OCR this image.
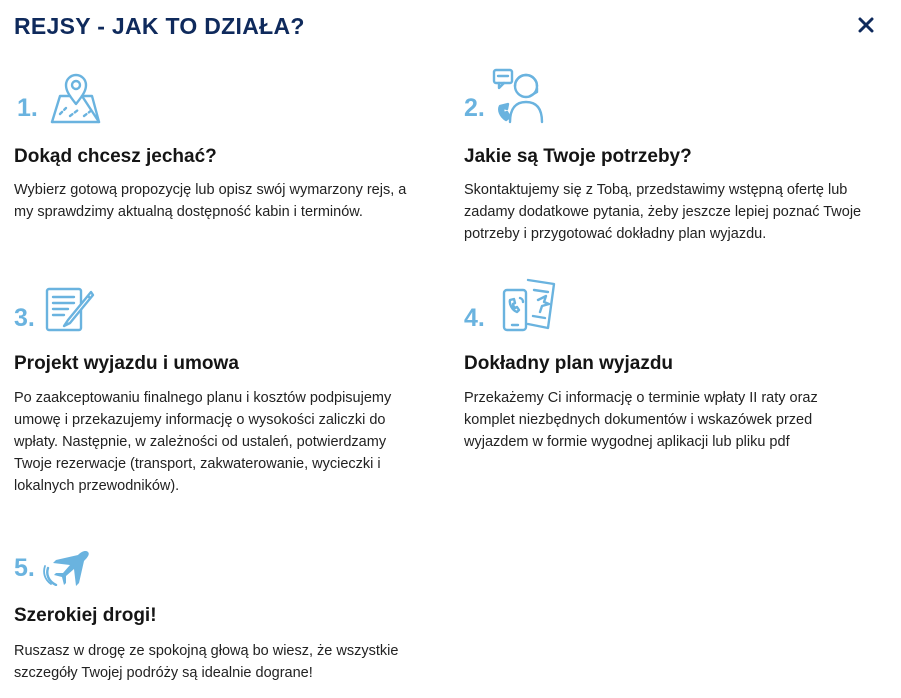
REJSY - JAK TO DZIAŁA?
1.
Dokąd chcesz jechać?
Wybierz gotową propozycję lub opisz swój wymarzony rejs, a
my sprawdzimy aktualną dostępność kabin i terminów.
2.
Jakie są Twoje potrzeby?
Skontaktujemy się z Tobą, przedstawimy wstępną ofertę lub
zadamy dodatkowe pytania, żeby jeszcze lepiej poznać Twoje
potrzeby i przygotować dokładny plan wyjazdu.
3.
Projekt wyjazdu i umowa
Po zaakceptowaniu finalnego planu i kosztów podpisujemy
umowę i przekazujemy informację o wysokości zaliczki do
wpłaty. Następnie, w zależności od ustaleń, potwierdzamy
Twoje rezerwacje (transport, zakwaterowanie, wycieczki i
lokalnych przewodników).
4.
Dokładny plan wyjazdu
Przekażemy Ci informację o terminie wpłaty II raty oraz
komplet niezbędnych dokumentów i wskazówek przed
wyjazdem w formie wygodnej aplikacji lub pliku pdf
5.
Szerokiej drogi!
Ruszasz w drogę ze spokojną głową bo wiesz, że wszystkie
szczegóły Twojej podróży są idealnie dograne!
